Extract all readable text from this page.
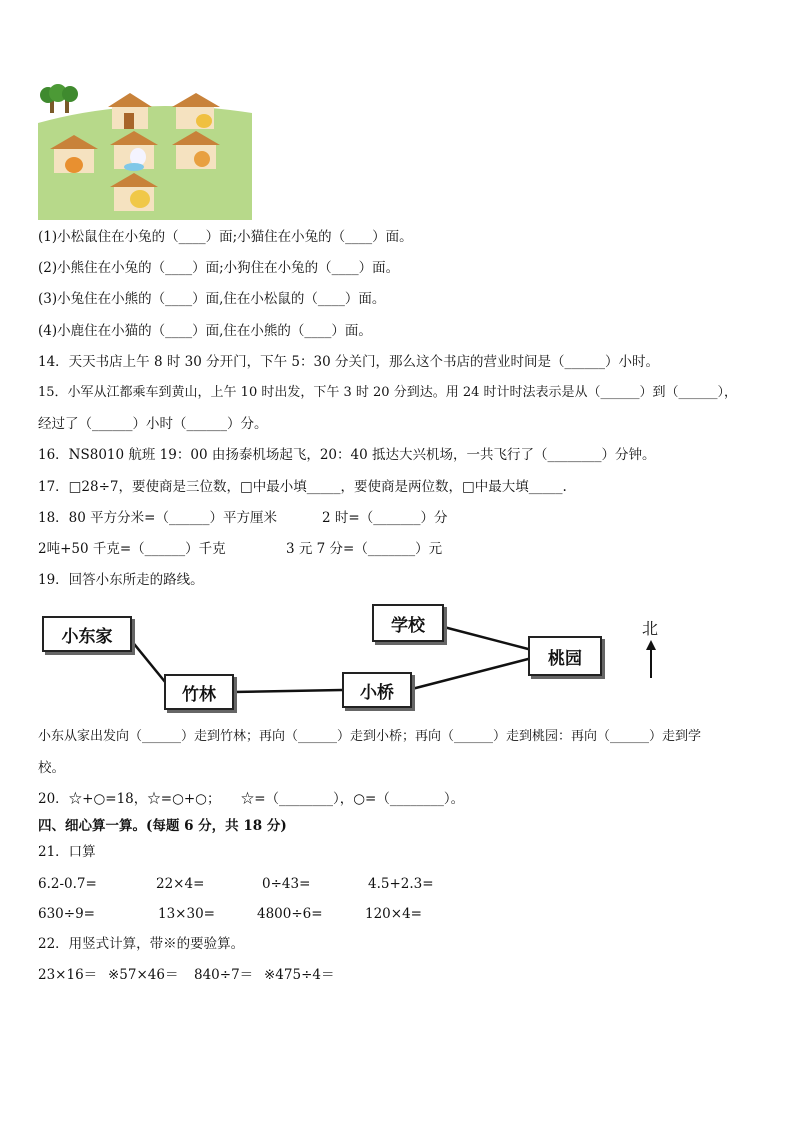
(1)小松鼠住在小兔的（____）面;小猫住在小兔的（____）面。
(2)小熊住在小兔的（____）面;小狗住在小兔的（____）面。
(3)小兔住在小熊的（____）面,住在小松鼠的（____）面。
(4)小鹿住在小猫的（____）面,住在小熊的（____）面。
14．天天书店上午 8 时 30 分开门，下午 5：30 分关门，那么这个书店的营业时间是（______）小时。
15．小军从江都乘车到黄山，上午 10 时出发，下午 3 时 20 分到达。用 24 时计时法表示是从（______）到（______），
经过了（______）小时（______）分。
16．NS8010 航班 19：00 由扬泰机场起飞，20：40 抵达大兴机场，一共飞行了（________）分钟。
17．□28÷7，要使商是三位数，□中最小填_____，要使商是两位数，□中最大填_____.
18．80 平方分米=（______）平方厘米	2 时=（_______）分
2吨+50 千克=（______）千克	3 元 7 分=（_______）元
19．回答小东所走的路线。
小东家
竹林	小桥
桃园
学校	北
小东从家出发向（______）走到竹林；再向（______）走到小桥；再向（______）走到桃园：再向（______）走到学
校。
20．☆+○=18，☆=○+○；　　☆=（________），○=（________）。
四、细心算一算。(每题 6 分，共 18 分)
21．口算
6.2-0.7=	22×4=	0÷43=	4.5+2.3=
630÷9=	13×30=	4800÷6=	120×4=
22．用竖式计算，带※的要验算。
23×16＝ ※57×46＝ 840÷7＝ ※475÷4＝
